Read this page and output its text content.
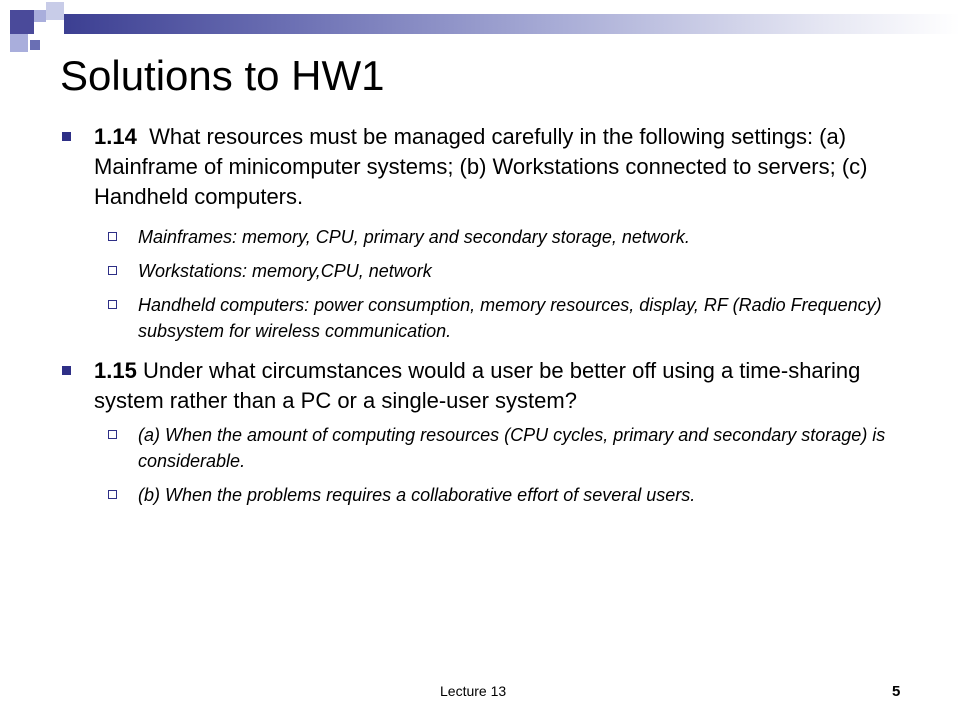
Solutions to HW1

1.14 What resources must be managed carefully in the following settings: (a) Mainframe of minicomputer systems; (b) Workstations connected to servers; (c) Handheld computers.

Mainframes: memory, CPU, primary and secondary storage, network.

Workstations: memory,CPU, network

Handheld computers: power consumption, memory resources, display, RF (Radio Frequency) subsystem for wireless communication.

1.15 Under what circumstances would a user be better off using a time-sharing system rather than a PC or a single-user system?

(a) When the amount of computing resources (CPU cycles, primary and secondary storage) is considerable.

(b) When the problems requires a collaborative effort of several users.

Lecture 13	5
